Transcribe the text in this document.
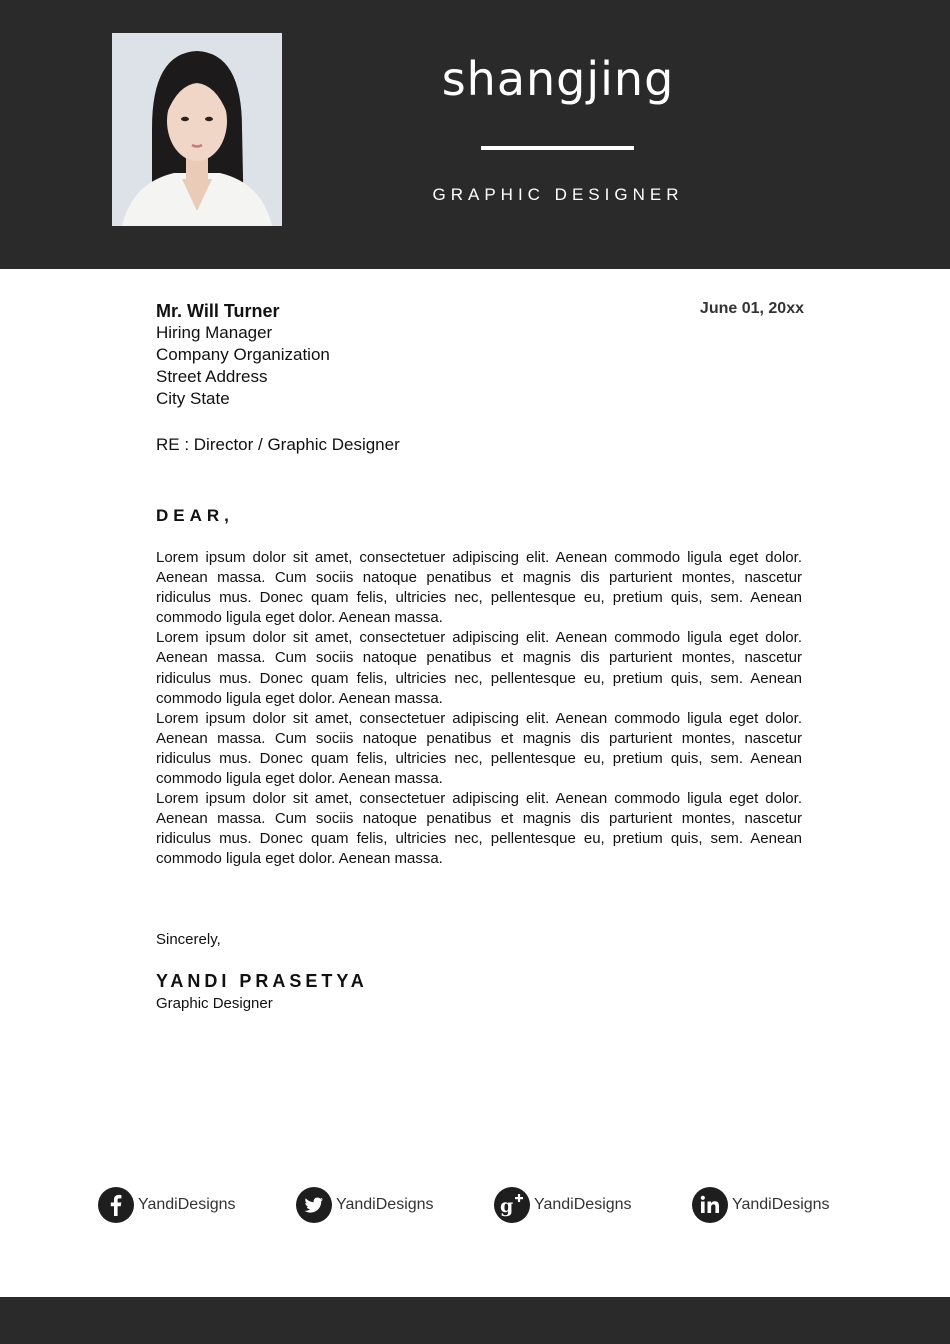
shangjing
GRAPHIC DESIGNER
Mr. Will Turner
Hiring Manager
Company Organization
Street Address
City State
June 01, 20xx
RE : Director / Graphic Designer
DEAR,

Lorem ipsum dolor sit amet, consectetuer adipiscing elit. Aenean commodo ligula eget dolor. Aenean massa. Cum sociis natoque penatibus et magnis dis parturient montes, nascetur ridiculus mus. Donec quam felis, ultricies nec, pellentesque eu, pretium quis, sem. Aenean commodo ligula eget dolor. Aenean massa.

Lorem ipsum dolor sit amet, consectetuer adipiscing elit. Aenean commodo ligula eget dolor. Aenean massa. Cum sociis natoque penatibus et magnis dis parturient montes, nascetur ridiculus mus. Donec quam felis, ultricies nec, pellentesque eu, pretium quis, sem. Aenean commodo ligula eget dolor. Aenean massa.

Lorem ipsum dolor sit amet, consectetuer adipiscing elit. Aenean commodo ligula eget dolor. Aenean massa. Cum sociis natoque penatibus et magnis dis parturient montes, nascetur ridiculus mus. Donec quam felis, ultricies nec, pellentesque eu, pretium quis, sem. Aenean commodo ligula eget dolor. Aenean massa.

Lorem ipsum dolor sit amet, consectetuer adipiscing elit. Aenean commodo ligula eget dolor. Aenean massa. Cum sociis natoque penatibus et magnis dis parturient montes, nascetur ridiculus mus. Donec quam felis, ultricies nec, pellentesque eu, pretium quis, sem. Aenean commodo ligula eget dolor. Aenean massa.

Sincerely,
YANDI PRASETYA
Graphic Designer
YandiDesigns	YandiDesigns	g YandiDesigns	YandiDesigns
